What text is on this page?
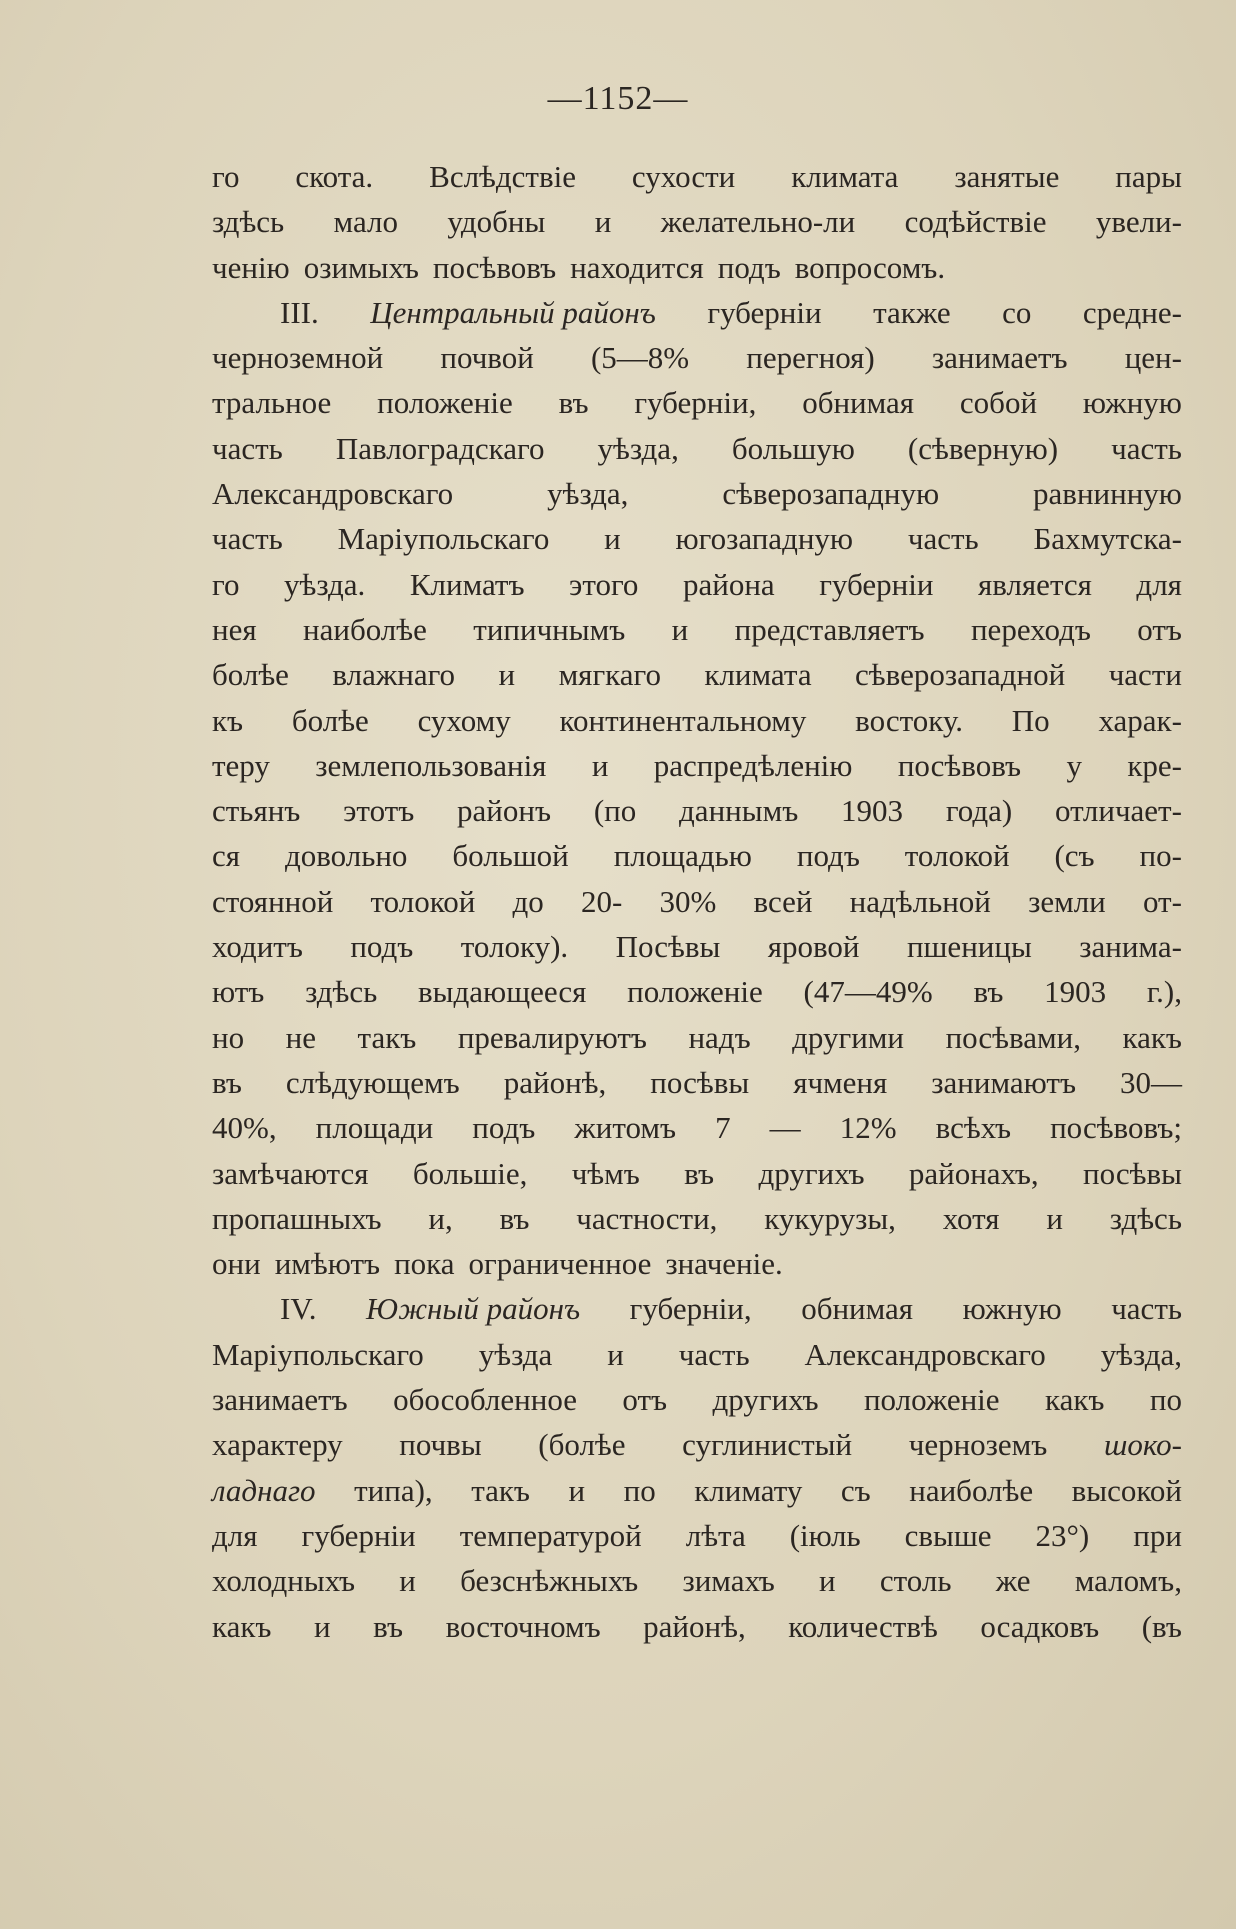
—1152—
го скота. Вслѣдствіе сухости климата занятые пары
здѣсь мало удобны и желательно-ли содѣйствіе увели-
ченію озимыхъ посѣвовъ находится подъ вопросомъ.
III. Центральный районъ губерніи также со средне-
черноземной почвой (5—8% перегноя) занимаетъ цен-
тральное положеніе въ губерніи, обнимая собой южную
часть Павлоградскаго уѣзда, большую (сѣверную) часть
Александровскаго	уѣзда,	сѣверозападную	равнинную
часть Маріупольскаго и югозападную часть Бахмутска-
го уѣзда. Климатъ этого района губерніи является для
нея наиболѣе типичнымъ и представляетъ переходъ отъ
болѣе влажнаго и мягкаго климата сѣверозападной части
къ болѣе сухому континентальному востоку. По харак-
теру землепользованія и распредѣленію посѣвовъ у кре-
стьянъ этотъ районъ (по даннымъ 1903 года) отличает-
ся довольно большой площадью подъ толокой (съ по-
стоянной толокой до 20- 30% всей надѣльной земли от-
ходитъ подъ толоку). Посѣвы яровой пшеницы занима-
ютъ здѣсь выдающееся положеніе (47—49% въ 1903 г.),
но не такъ превалируютъ надъ другими посѣвами, какъ
въ слѣдующемъ районѣ, посѣвы ячменя занимаютъ 30—
40%, площади подъ житомъ 7 — 12% всѣхъ посѣвовъ;
замѣчаются большіе, чѣмъ въ другихъ районахъ, посѣвы
пропашныхъ и, въ частности, кукурузы, хотя и здѣсь
они имѣютъ пока ограниченное значеніе.
IV. Южный районъ губерніи, обнимая южную часть
Маріупольскаго уѣзда и часть Александровскаго уѣзда,
занимаетъ обособленное отъ другихъ положеніе какъ по
характеру почвы (болѣе суглинистый черноземъ шоко-
ладнаго типа), такъ и по климату съ наиболѣе высокой
для губерніи температурой лѣта (іюль свыше 23°) при
холодныхъ и безснѣжныхъ зимахъ и столь же маломъ,
какъ и въ восточномъ районѣ, количествѣ осадковъ (въ
